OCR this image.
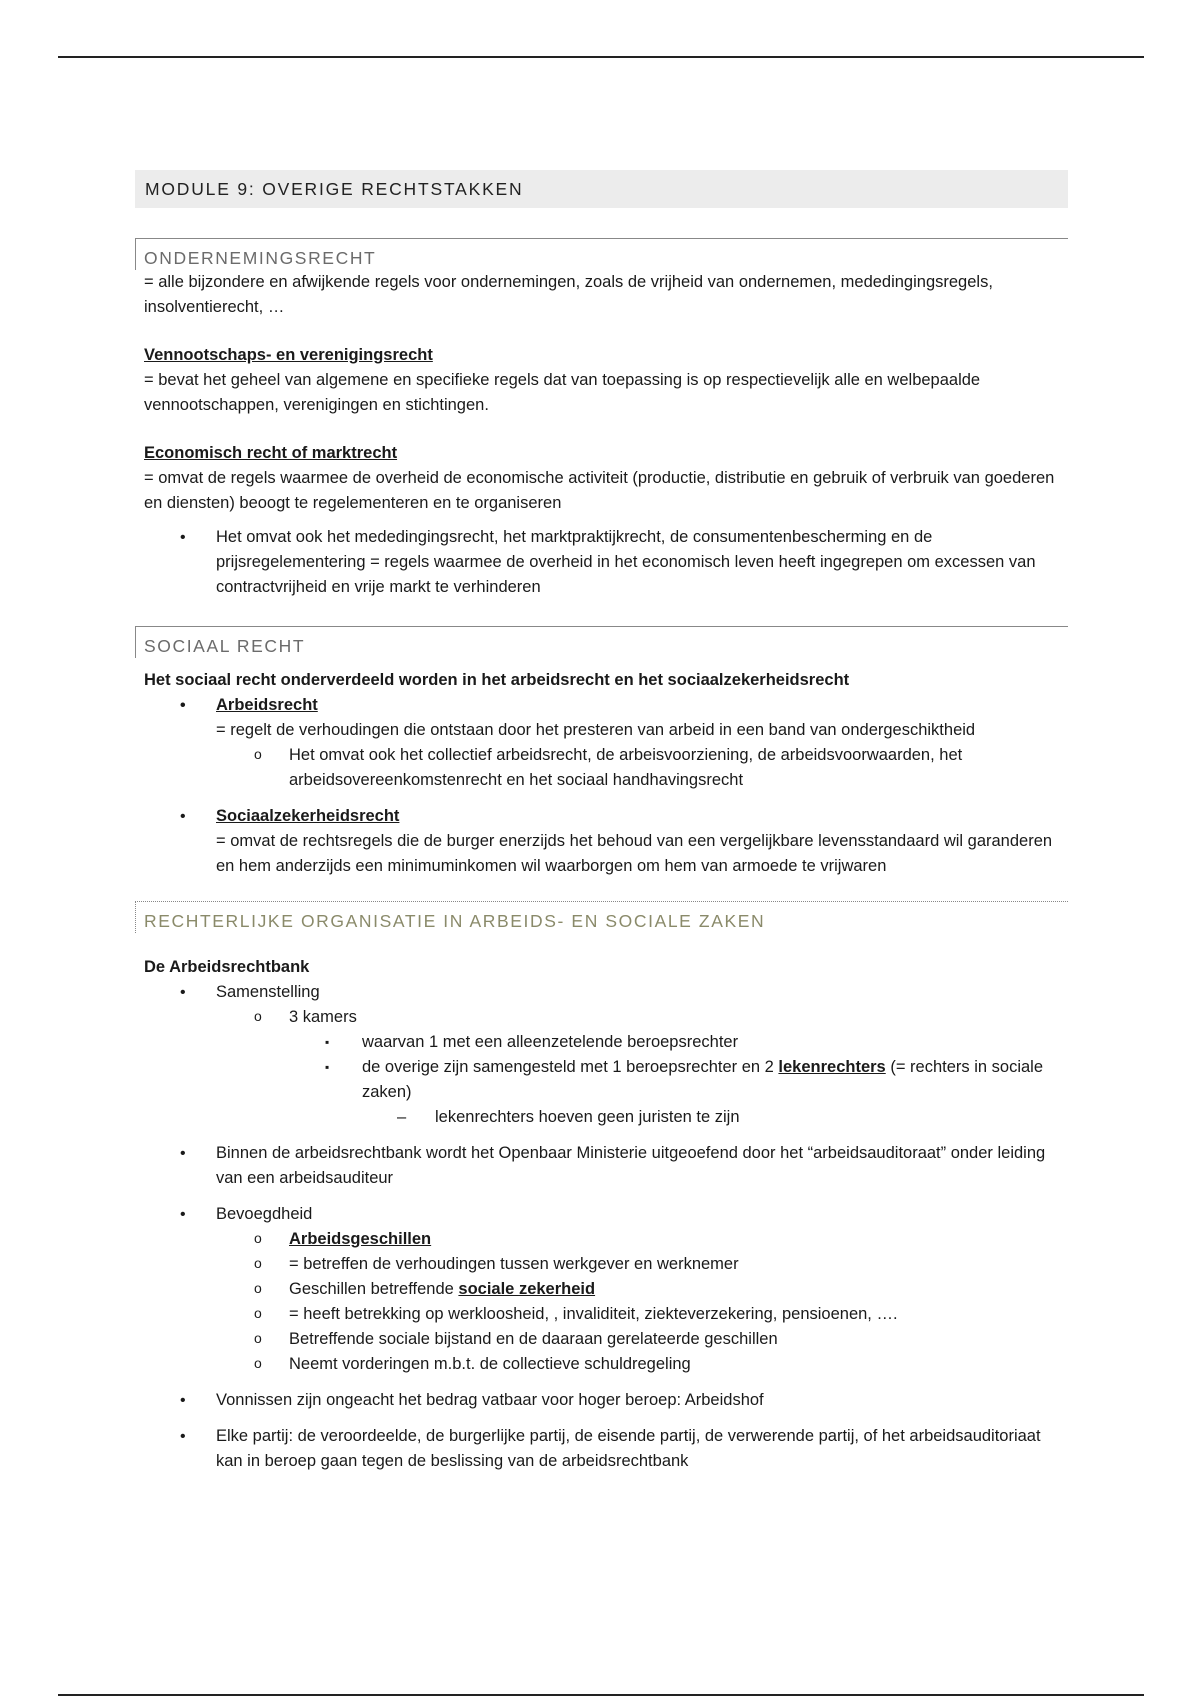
MODULE 9: OVERIGE RECHTSTAKKEN
ONDERNEMINGSRECHT

= alle bijzondere en afwijkende regels voor ondernemingen, zoals de vrijheid van ondernemen, mededingingsregels, insolventierecht, …

Vennootschaps- en verenigingsrecht

= bevat het geheel van algemene en specifieke regels dat van toepassing is op respectievelijk alle en welbepaalde vennootschappen, verenigingen en stichtingen.

Economisch recht of marktrecht

= omvat de regels waarmee de overheid de economische activiteit (productie, distributie en gebruik of verbruik van goederen en diensten) beoogt te regelementeren en te organiseren

• Het omvat ook het mededingingsrecht, het marktpraktijkrecht, de consumentenbescherming en de prijsregelementering = regels waarmee de overheid in het economisch leven heeft ingegrepen om excessen van contractvrijheid en vrije markt te verhinderen

SOCIAAL RECHT

Het sociaal recht onderverdeeld worden in het arbeidsrecht en het sociaalzekerheidsrecht

• Arbeidsrecht

= regelt de verhoudingen die ontstaan door het presteren van arbeid in een band van ondergeschiktheid

o Het omvat ook het collectief arbeidsrecht, de arbeisvoorziening, de arbeidsvoorwaarden, het arbeidsovereenkomstenrecht en het sociaal handhavingsrecht

• Sociaalzekerheidsrecht

= omvat de rechtsregels die de burger enerzijds het behoud van een vergelijkbare levensstandaard wil garanderen en hem anderzijds een minimuminkomen wil waarborgen om hem van armoede te vrijwaren

RECHTERLIJKE ORGANISATIE IN ARBEIDS- EN SOCIALE ZAKEN

De Arbeidsrechtbank

• Samenstelling

o 3 kamers

▪ waarvan 1 met een alleenzetelende beroepsrechter

▪ de overige zijn samengesteld met 1 beroepsrechter en 2 lekenrechters (= rechters in sociale zaken)

– lekenrechters hoeven geen juristen te zijn

• Binnen de arbeidsrechtbank wordt het Openbaar Ministerie uitgeoefend door het “arbeidsauditoraat” onder leiding van een arbeidsauditeur

• Bevoegdheid

o Arbeidsgeschillen

o = betreffen de verhoudingen tussen werkgever en werknemer

o Geschillen betreffende sociale zekerheid

o = heeft betrekking op werkloosheid, , invaliditeit, ziekteverzekering, pensioenen, ….

o Betreffende sociale bijstand en de daaraan gerelateerde geschillen

o Neemt vorderingen m.b.t. de collectieve schuldregeling

• Vonnissen zijn ongeacht het bedrag vatbaar voor hoger beroep: Arbeidshof

• Elke partij: de veroordeelde, de burgerlijke partij, de eisende partij, de verwerende partij, of het arbeidsauditoriaat kan in beroep gaan tegen de beslissing van de arbeidsrechtbank
